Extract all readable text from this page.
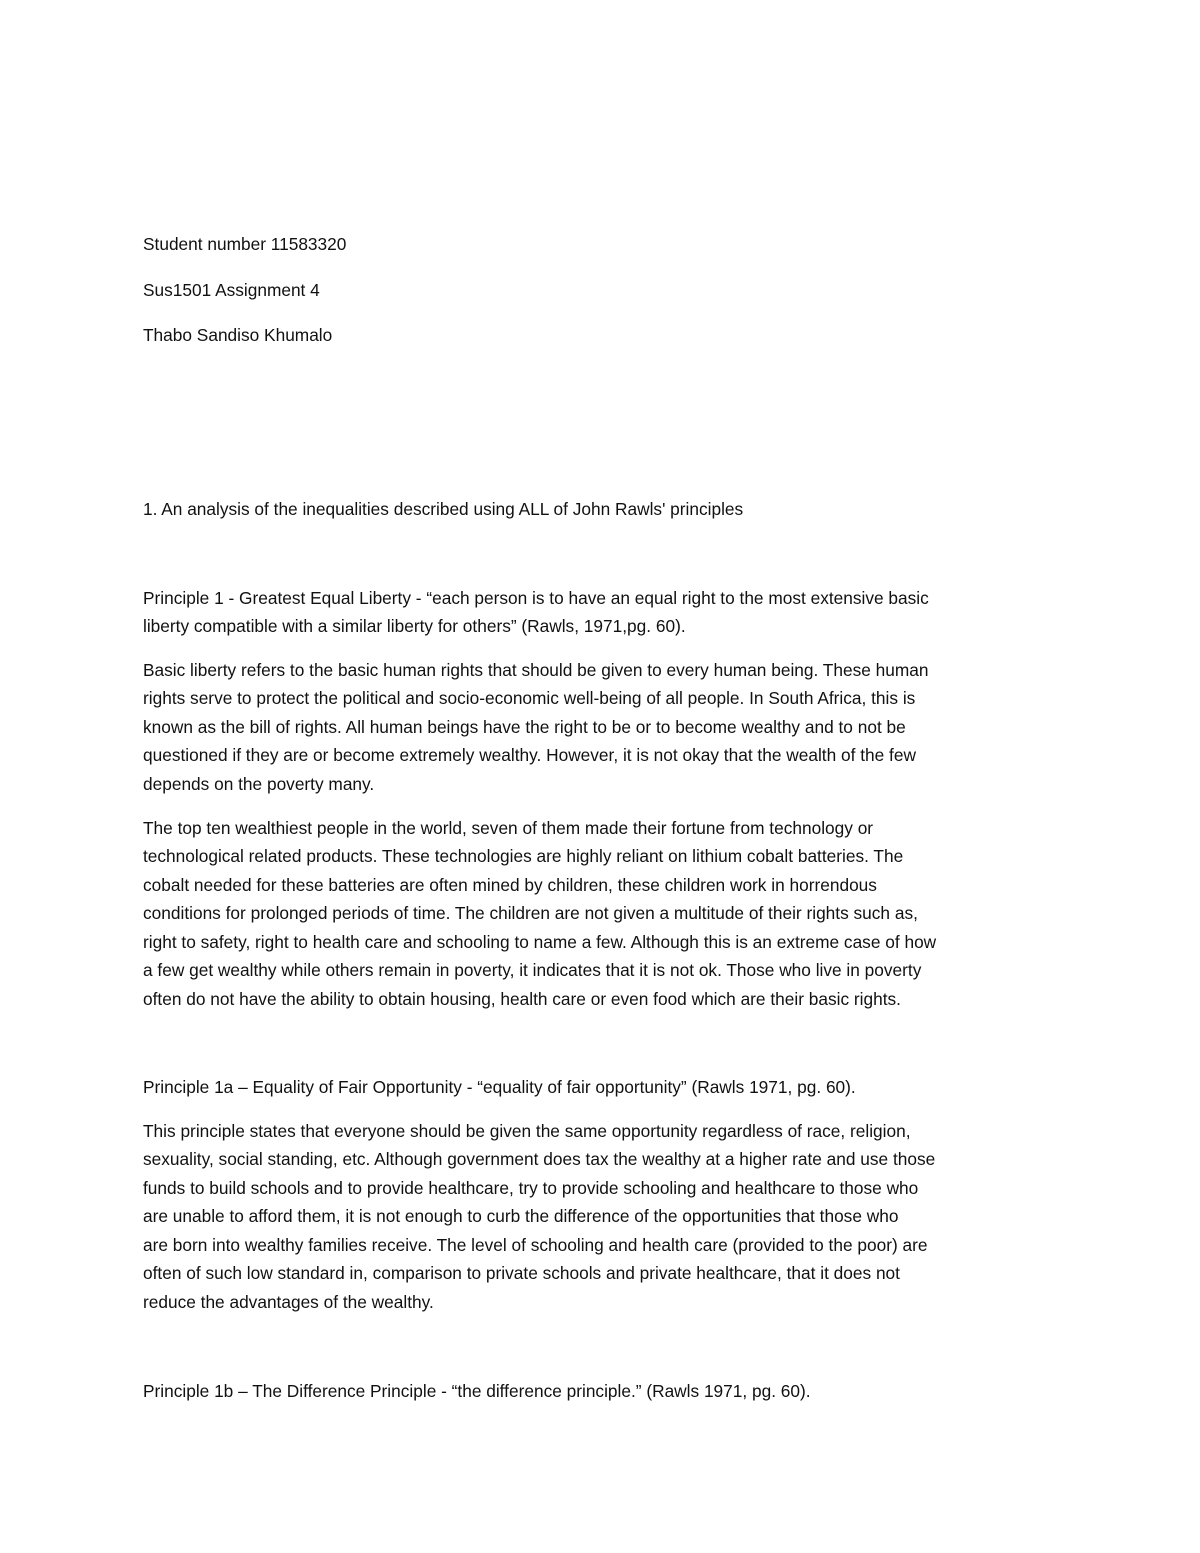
Student number 11583320

Sus1501 Assignment 4

Thabo Sandiso Khumalo

1. An analysis of the inequalities described using ALL of John Rawls' principles

Principle 1 - Greatest Equal Liberty - “each person is to have an equal right to the most extensive basic

liberty compatible with a similar liberty for others” (Rawls, 1971,pg. 60).

Basic liberty refers to the basic human rights that should be given to every human being. These human

rights serve to protect the political and socio-economic well-being of all people. In South Africa, this is

known as the bill of rights. All human beings have the right to be or to become wealthy and to not be

questioned if they are or become extremely wealthy. However, it is not okay that the wealth of the few

depends on the poverty many.

The top ten wealthiest people in the world, seven of them made their fortune from technology or

technological related products. These technologies are highly reliant on lithium cobalt batteries. The

cobalt needed for these batteries are often mined by children, these children work in horrendous

conditions for prolonged periods of time. The children are not given a multitude of their rights such as,

right to safety, right to health care and schooling to name a few. Although this is an extreme case of how

a few get wealthy while others remain in poverty, it indicates that it is not ok. Those who live in poverty

often do not have the ability to obtain housing, health care or even food which are their basic rights.

Principle 1a – Equality of Fair Opportunity - “equality of fair opportunity” (Rawls 1971, pg. 60).

This principle states that everyone should be given the same opportunity regardless of race, religion,

sexuality, social standing, etc. Although government does tax the wealthy at a higher rate and use those

funds to build schools and to provide healthcare, try to provide schooling and healthcare to those who

are unable to afford them, it is not enough to curb the difference of the opportunities that those who

are born into wealthy families receive. The level of schooling and health care (provided to the poor) are

often of such low standard in, comparison to private schools and private healthcare, that it does not

reduce the advantages of the wealthy.

Principle 1b – The Difference Principle - “the difference principle.” (Rawls 1971, pg. 60).
